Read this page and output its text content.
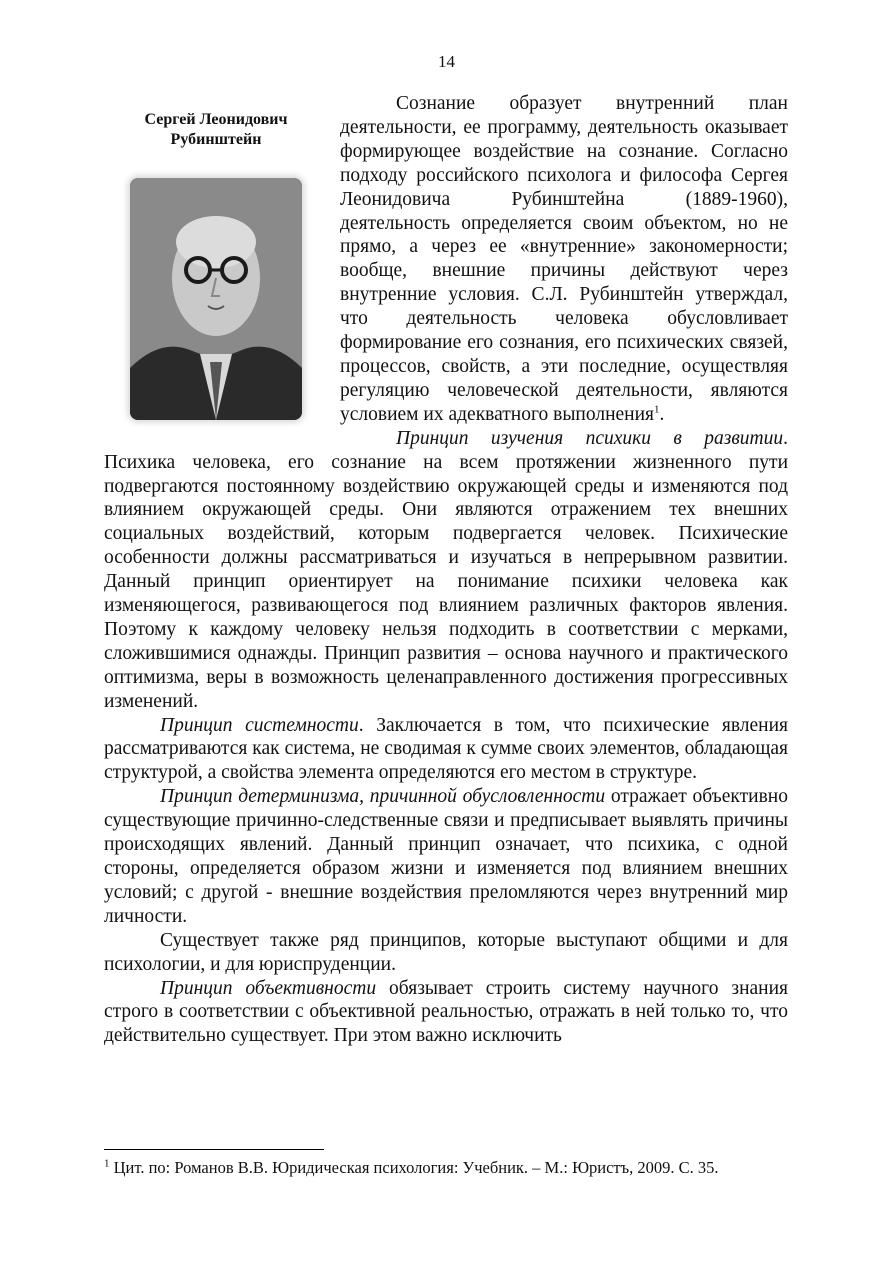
14
Сергей Леонидович
Рубинштейн

Сознание образует внутренний план деятельности, ее программу, деятельность оказывает формирующее воздействие на сознание. Согласно подходу российского психолога и философа Сергея Леонидовича Рубинштейна (1889-1960), деятельность определяется своим объектом, но не прямо, а через ее «внутренние» закономерности; вообще, внешние причины действуют через внутренние условия. С.Л. Рубинштейн утверждал, что деятельность человека обусловливает формирование его сознания, его психических связей, процессов, свойств, а эти последние, осуществляя регуляцию человеческой деятельности, являются условием их адекватного выполнения$^1$.

Принцип изучения психики в развитии. Психика человека, его сознание на всем протяжении жизненного пути подвергаются постоянному воздействию окружающей среды и изменяются под влиянием окружающей среды. Они являются отражением тех внешних социальных воздействий, которым подвергается человек. Психические особенности должны рассматриваться и изучаться в непрерывном развитии. Данный принцип ориентирует на понимание психики человека как изменяющегося, развивающегося под влиянием различных факторов явления. Поэтому к каждому человеку нельзя подходить в соответствии с мерками, сложившимися однажды. Принцип развития – основа научного и практического оптимизма, веры в возможность целенаправленного достижения прогрессивных изменений.

Принцип системности. Заключается в том, что психические явления рассматриваются как система, не сводимая к сумме своих элементов, обладающая структурой, а свойства элемента определяются его местом в структуре.

Принцип детерминизма, причинной обусловленности отражает объективно существующие причинно-следственные связи и предписывает выявлять причины происходящих явлений. Данный принцип означает, что психика, с одной стороны, определяется образом жизни и изменяется под влиянием внешних условий; с другой - внешние воздействия преломляются через внутренний мир личности.

Существует также ряд принципов, которые выступают общими и для психологии, и для юриспруденции.

Принцип объективности обязывает строить систему научного знания строго в соответствии с объективной реальностью, отражать в ней только то, что действительно существует. При этом важно исключить

$^1$ Цит. по: Романов В.В. Юридическая психология: Учебник. – М.: Юристъ, 2009. С. 35.
